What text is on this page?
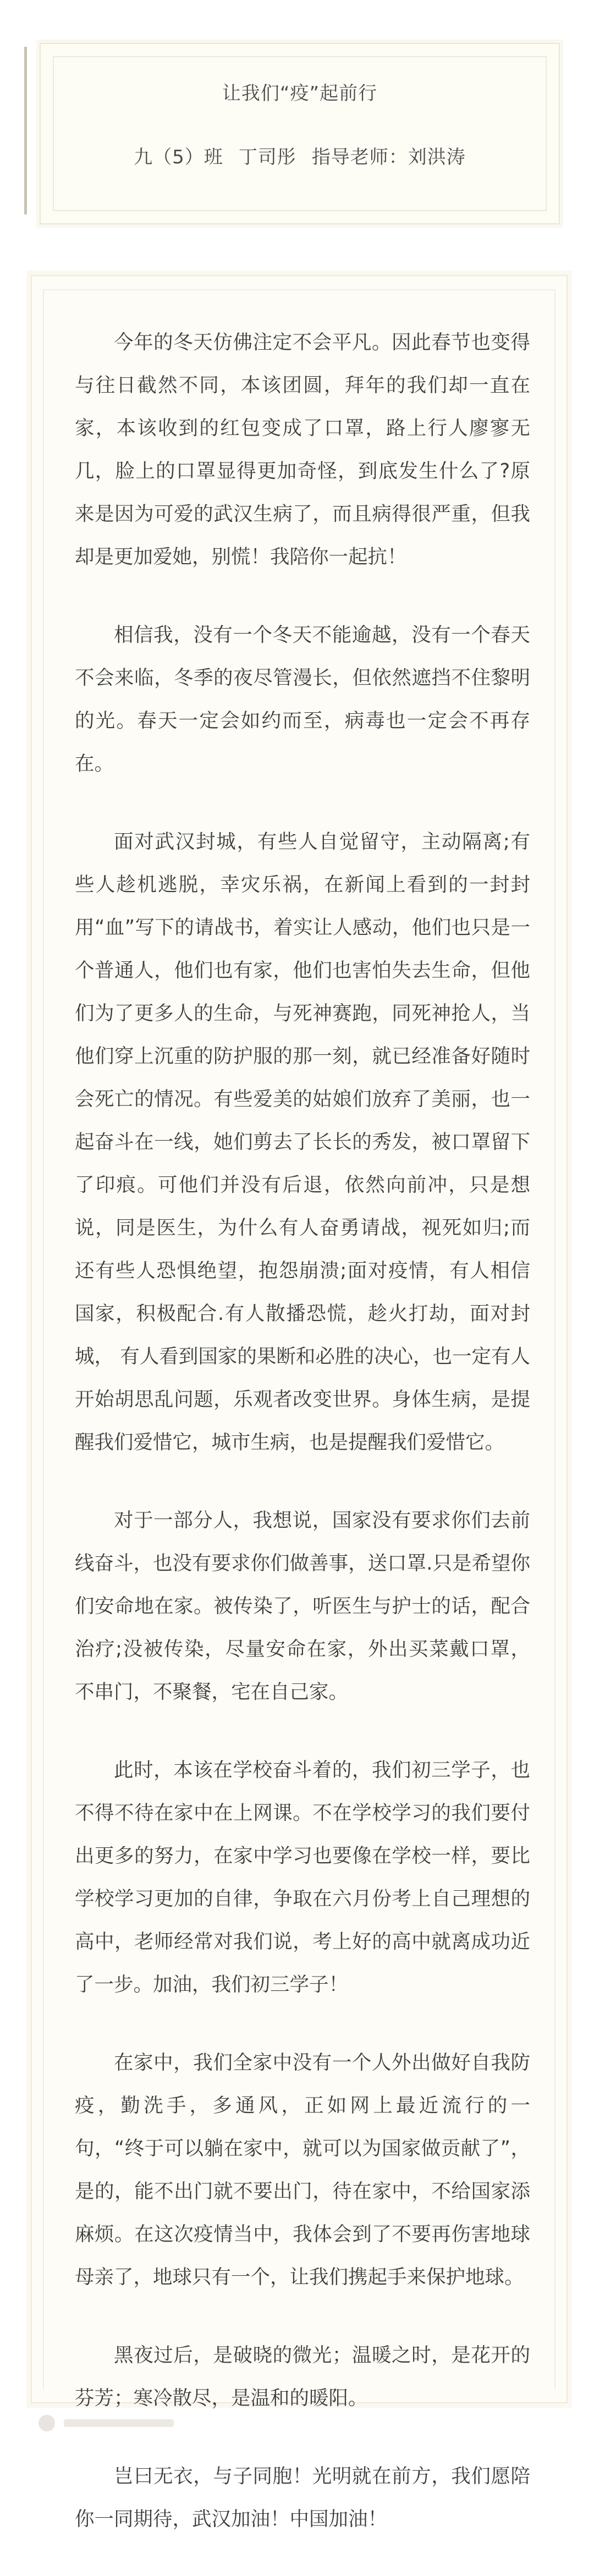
让我们“疫”起前行
九（5）班 丁司彤 指导老师：刘洪涛

今年的冬天仿佛注定不会平凡。因此春节也变得与往日截然不同，本该团圆，拜年的我们却一直在家，本该收到的红包变成了口罩，路上行人廖寥无几，脸上的口罩显得更加奇怪，到底发生什么了?原来是因为可爱的武汉生病了，而且病得很严重，但我却是更加爱她，别慌！我陪你一起抗！

相信我，没有一个冬天不能逾越，没有一个春天不会来临，冬季的夜尽管漫长，但依然遮挡不住黎明的光。春天一定会如约而至，病毒也一定会不再存在。

面对武汉封城，有些人自觉留守，主动隔离;有些人趁机逃脱，幸灾乐祸，在新闻上看到的一封封用“血”写下的请战书，着实让人感动，他们也只是一个普通人，他们也有家，他们也害怕失去生命，但他们为了更多人的生命，与死神赛跑，同死神抢人，当他们穿上沉重的防护服的那一刻，就已经准备好随时会死亡的情况。有些爱美的姑娘们放弃了美丽，也一起奋斗在一线，她们剪去了长长的秀发，被口罩留下了印痕。可他们并没有后退，依然向前冲，只是想说，同是医生，为什么有人奋勇请战，视死如归;而还有些人恐惧绝望，抱怨崩溃;面对疫情，有人相信国家，积极配合.有人散播恐慌，趁火打劫，面对封城， 有人看到国家的果断和必胜的决心，也一定有人开始胡思乱问题，乐观者改变世界。身体生病，是提醒我们爱惜它，城市生病，也是提醒我们爱惜它。

对于一部分人，我想说，国家没有要求你们去前线奋斗，也没有要求你们做善事，送口罩.只是希望你们安命地在家。被传染了，听医生与护士的话，配合治疗;没被传染，尽量安命在家，外出买菜戴口罩，不串门，不聚餐，宅在自己家。

此时，本该在学校奋斗着的，我们初三学子，也不得不待在家中在上网课。不在学校学习的我们要付出更多的努力，在家中学习也要像在学校一样，要比学校学习更加的自律，争取在六月份考上自己理想的高中，老师经常对我们说，考上好的高中就离成功近了一步。加油，我们初三学子！

在家中，我们全家中没有一个人外出做好自我防疫，勤洗手，多通风，正如网上最近流行的一句，“终于可以躺在家中，就可以为国家做贡献了”，是的，能不出门就不要出门，待在家中，不给国家添麻烦。在这次疫情当中，我体会到了不要再伤害地球母亲了，地球只有一个，让我们携起手来保护地球。

黑夜过后，是破晓的微光；温暖之时，是花开的芬芳；寒冷散尽，是温和的暖阳。

岂曰无衣，与子同胞！光明就在前方，我们愿陪你一同期待，武汉加油！中国加油！
